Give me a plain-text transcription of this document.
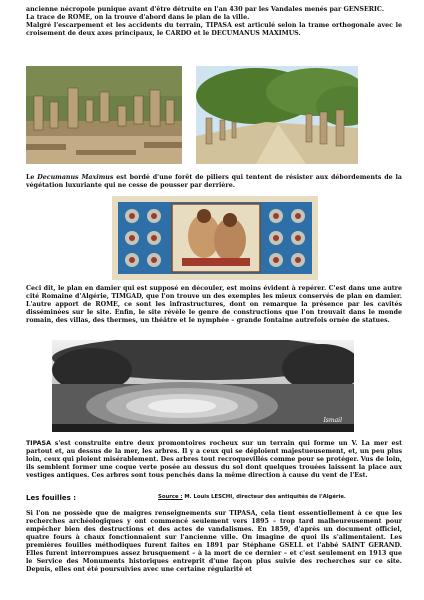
ancienne nécropole punique avant d'être détruite en l'an 430 par les Vandales menés par GENSERIC.

La trace de ROME, on la trouve d'abord dans le plan de la ville.

Malgré l'escarpement et les accidents du terrain, TIPASA est articulé selon la trame orthogonale avec le croisement de deux axes principaux, le CARDO et le DECUMANUS MAXIMUS.

Le Decumanus Maximus est bordé d'une forêt de piliers qui tentent de résister aux débordements de la végétation luxuriante qui ne cesse de pousser par derrière.

Ceci dit, le plan en damier qui est supposé en découler, est moins évident à repérer. C'est dans une autre cité Romaine d'Algérie, TIMGAD, que l'on trouve un des exemples les mieux conservés de plan en damier. L'autre apport de ROME, ce sont les infrastructures, dont on remarque la présence par les cavités disséminées sur le site. Enfin, le site révèle le genre de constructions que l'on trouvait dans le monde romain, des villas, des thermes, un théâtre et le nymphée – grande fontaine autrefois ornée de statues.

Ismail

TIPASA s'est construite entre deux promontoires rocheux sur un terrain qui forme un V. La mer est partout et, au dessus de la mer, les arbres. Il y a ceux qui se déploient majestueusement, et, un peu plus loin, ceux qui ploient misérablement. Des arbres tout recroquevillés comme pour se protéger. Vus de loin, ils semblent former une coque verte posée au dessus du sol dont quelques trouées laissent la place aux vestiges antiques. Ces arbres sont tous penchés dans la même direction à cause du vent de l'Est.

Les fouilles :	Source : M. Louis LESCHI, directeur des antiquités de l'Algérie.

Si l'on ne possède que de maigres renseignements sur TIPASA, cela tient essentiellement à ce que les recherches archéologiques y ont commencé seulement vers 1895 – trop tard malheureusement pour empêcher bien des destructions et des actes de vandalismes. En 1859, d'après un document officiel, quatre fours à chaux fonctionnaient sur l'ancienne ville. On imagine de quoi ils s'alimentaient. Les premières fouilles méthodiques furent faites en 1891 par Stéphane GSELL et l'abbé SAINT GERAND. Elles furent interrompues assez brusquement – à la mort de ce dernier – et c'est seulement en 1913 que le Service des Monuments historiques entreprit d'une façon plus suivie des recherches sur ce site. Depuis, elles ont été poursuivies avec une certaine régularité et
